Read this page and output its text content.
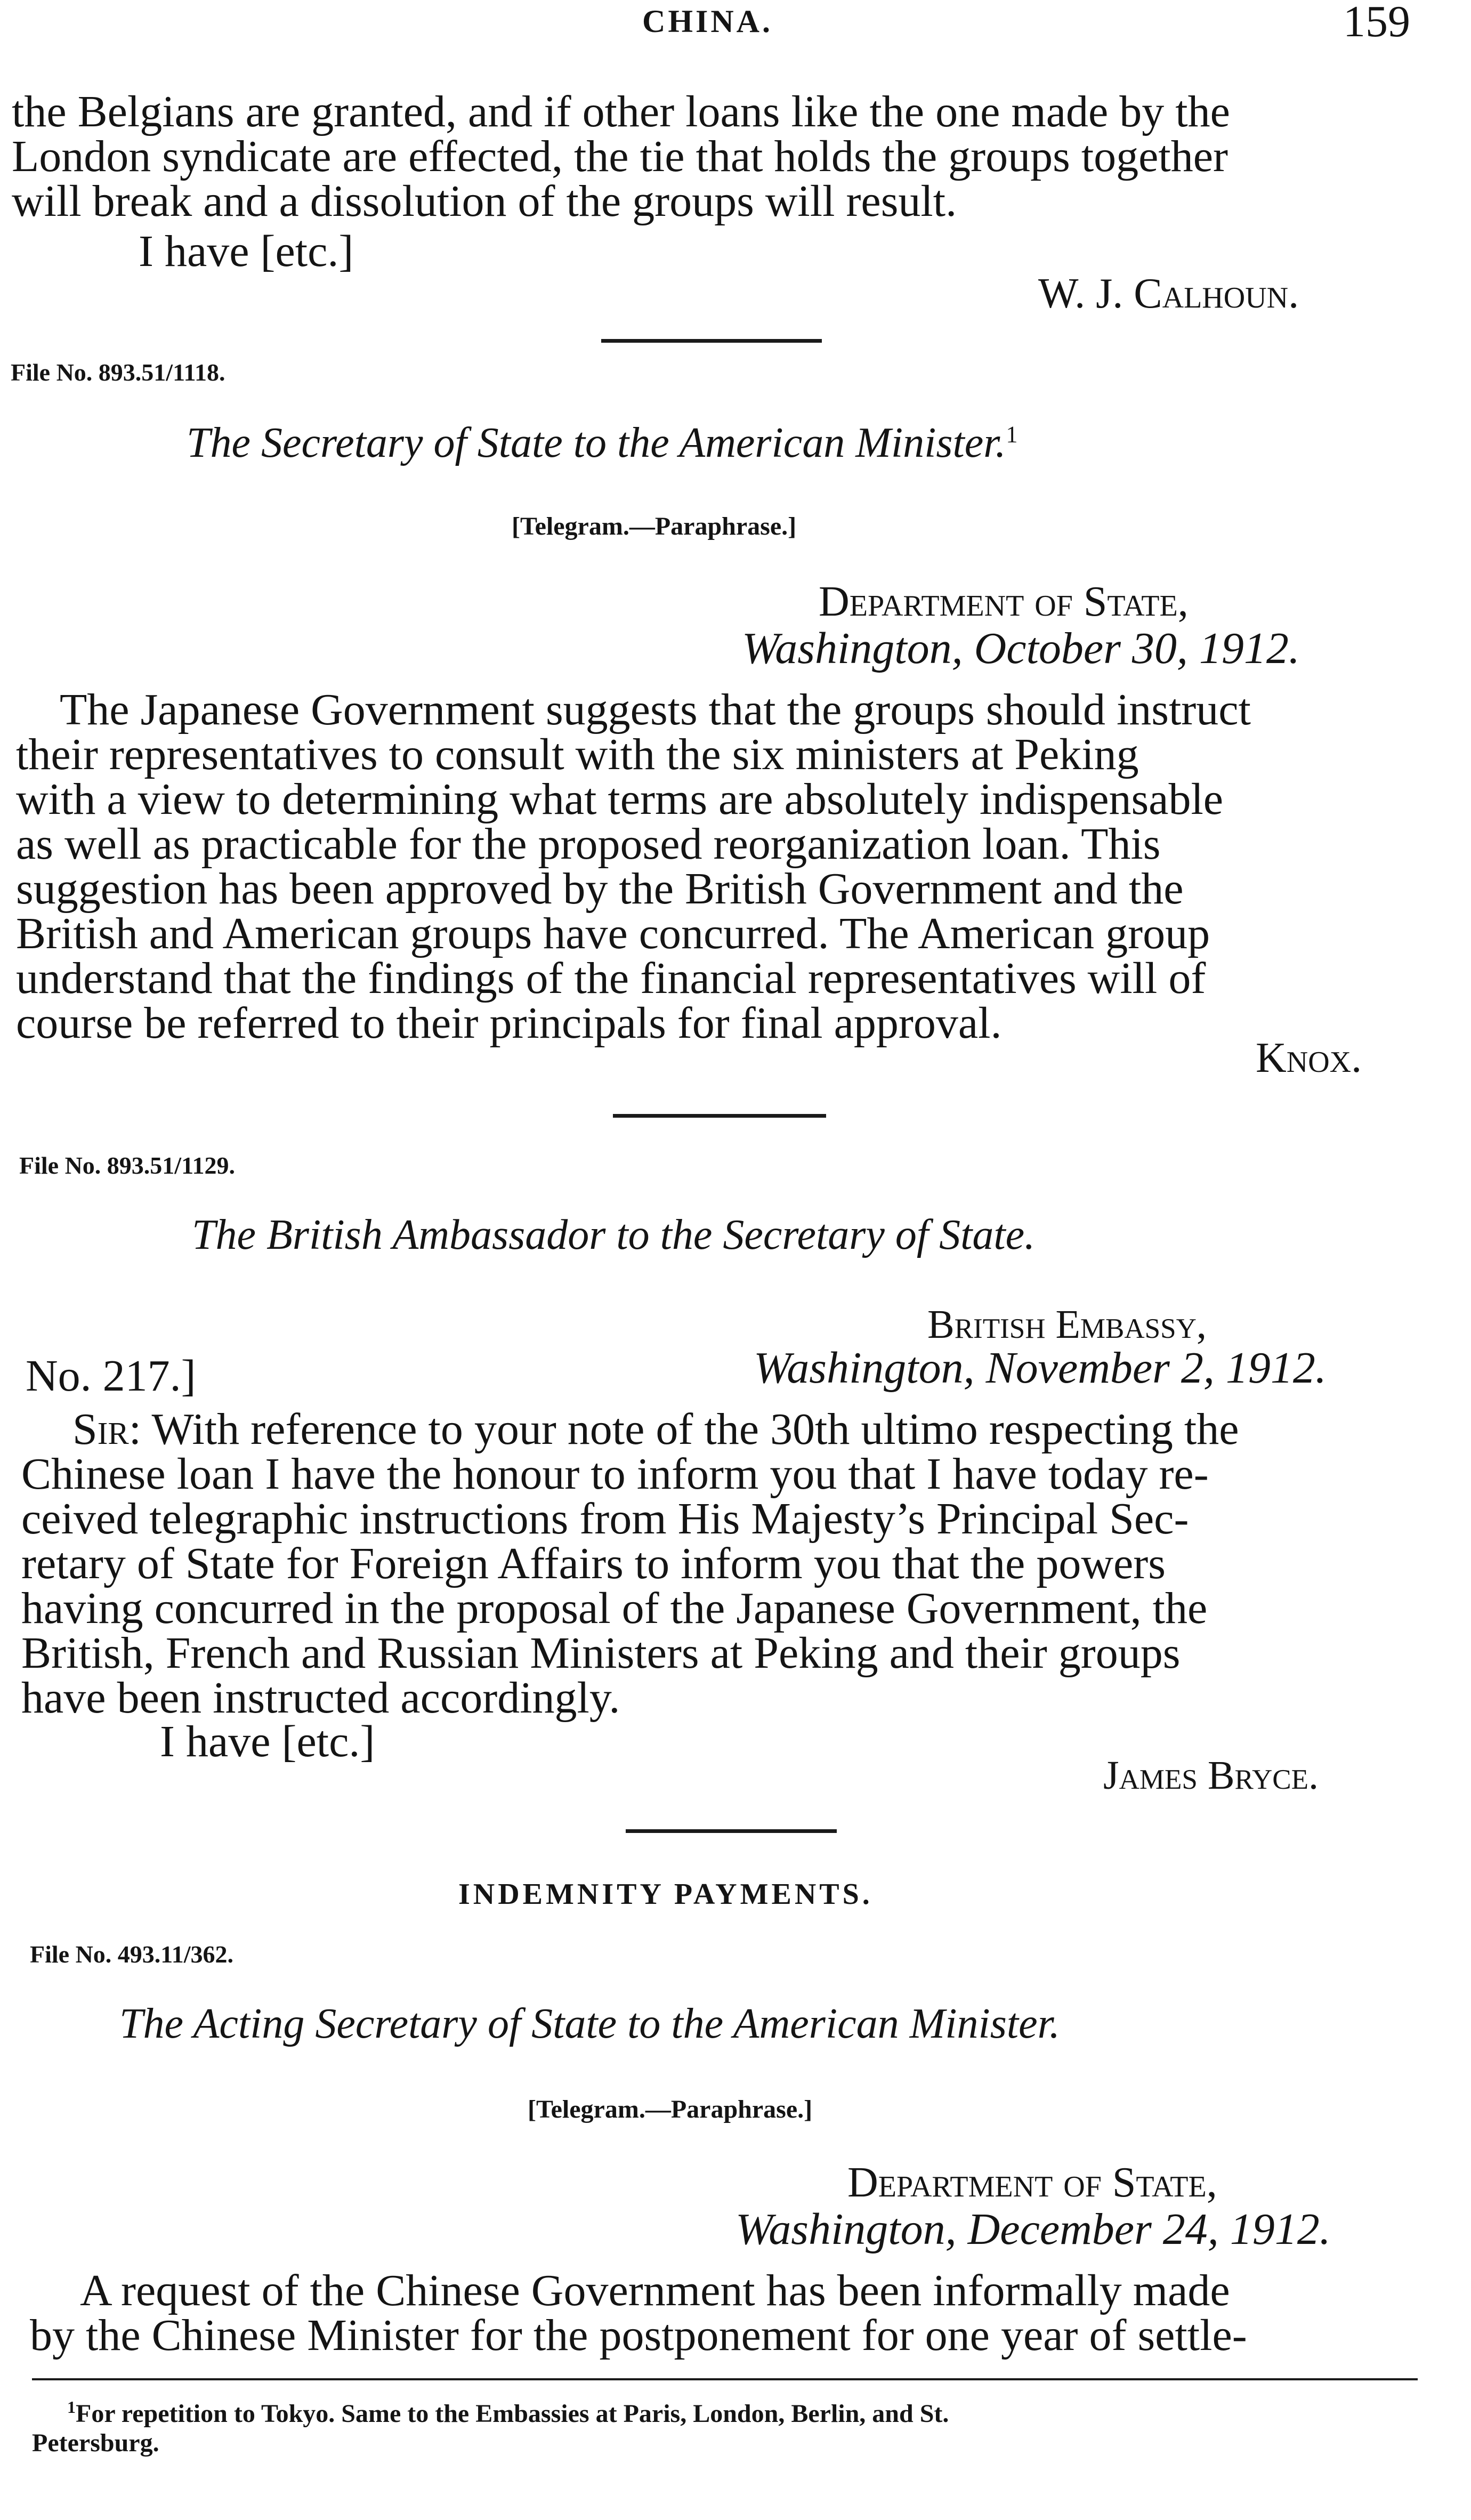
CHINA.	159
the Belgians are granted, and if other loans like the one made by the
London syndicate are effected, the tie that holds the groups together
will break and a dissolution of the groups will result.
I have [etc.]
W. J. Calhoun.
File No. 893.51/1118.
The Secretary of State to the American Minister.$^1$
[Telegram.—Paraphrase.]
Department of State,
Washington, October 30, 1912.
The Japanese Government suggests that the groups should instruct
their representatives to consult with the six ministers at Peking
with a view to determining what terms are absolutely indispensable
as well as practicable for the proposed reorganization loan. This
suggestion has been approved by the British Government and the
British and American groups have concurred. The American group
understand that the findings of the financial representatives will of
course be referred to their principals for final approval.
Knox.
File No. 893.51/1129.
The British Ambassador to the Secretary of State.
British Embassy,
No. 217.]	Washington, November 2, 1912.
Sir: With reference to your note of the 30th ultimo respecting the
Chinese loan I have the honour to inform you that I have today re-
ceived telegraphic instructions from His Majesty’s Principal Sec-
retary of State for Foreign Affairs to inform you that the powers
having concurred in the proposal of the Japanese Government, the
British, French and Russian Ministers at Peking and their groups
have been instructed accordingly.
I have [etc.]
James Bryce.
INDEMNITY PAYMENTS.
File No. 493.11/362.
The Acting Secretary of State to the American Minister.
[Telegram.—Paraphrase.]
Department of State,
Washington, December 24, 1912.
A request of the Chinese Government has been informally made
by the Chinese Minister for the postponement for one year of settle-
$^1$For repetition to Tokyo. Same to the Embassies at Paris, London, Berlin, and St.
Petersburg.
